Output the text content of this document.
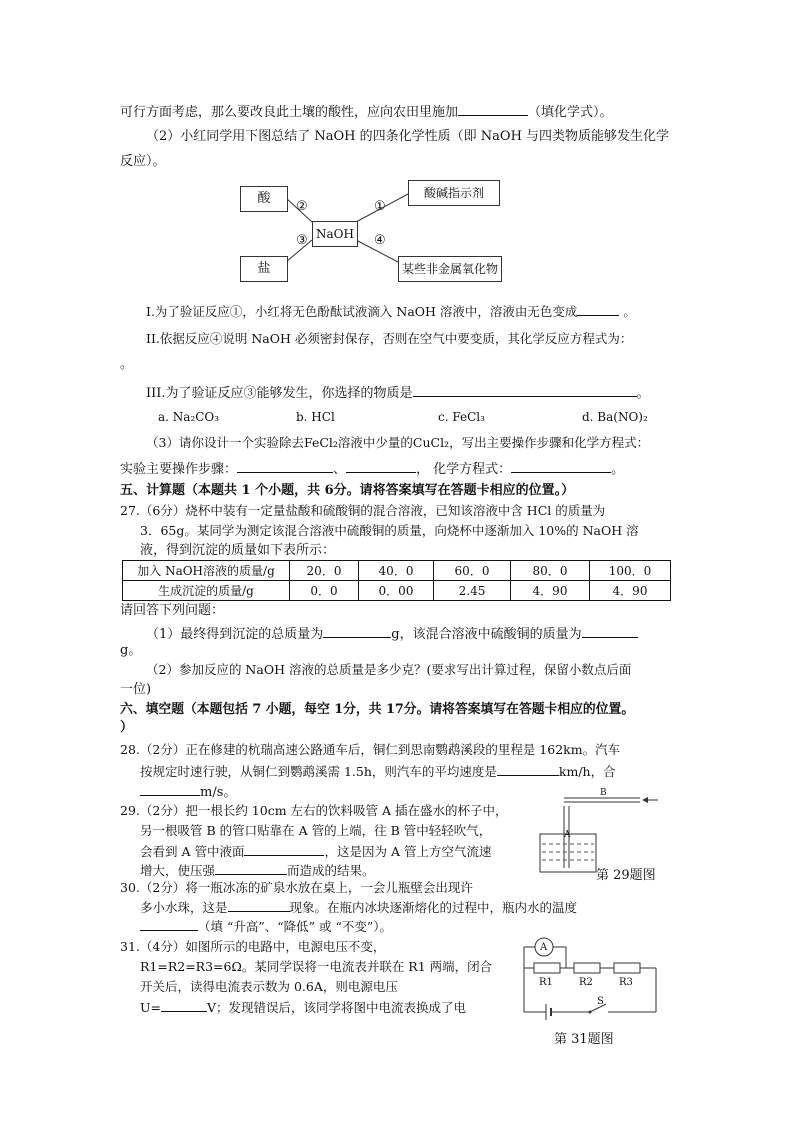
可行方面考虑，那么要改良此土壤的酸性，应向农田里施加	（填化学式）。
（2）小红同学用下图总结了 NaOH 的四条化学性质（即 NaOH 与四类物质能够发生化学
反应）。
酸
盐
NaOH
酸碱指示剂
某些非金属氧化物
②
③
①
④
I.为了验证反应①，小红将无色酚酞试液滴入 NaOH 溶液中，溶液由无色变成	。
II.依据反应④说明 NaOH 必须密封保存，否则在空气中要变质，其化学反应方程式为：
。
III.为了验证反应③能够发生，你选择的物质是	。
a. Na₂CO₃	b. HCl	c. FeCl₃	d. Ba(NO)₂
（3）请你设计一个实验除去FeCl₂溶液中少量的CuCl₂，写出主要操作步骤和化学方程式：
实验主要操作步骤：	、	， 化学方程式：	。
五、计算题（本题共 1 个小题，共 6分。请将答案填写在答题卡相应的位置。）
27.（6分）烧杯中装有一定量盐酸和硫酸铜的混合溶液，已知该溶液中含 HCl 的质量为
3．65g。某同学为测定该混合溶液中硫酸铜的质量，向烧杯中逐渐加入 10%的 NaOH 溶
液，得到沉淀的质量如下表所示：
加入 NaOH溶液的质量/g	20．0	40．0	60．0	80．0	100．0
生成沉淀的质量/g	0．0	0．00	2.45	4．90	4．90
请回答下列问题：
（1）最终得到沉淀的总质量为	g，该混合溶液中硫酸铜的质量为
g。
（2）参加反应的 NaOH 溶液的总质量是多少克？(要求写出计算过程，保留小数点后面
一位)
六、填空题（本题包括 7 小题，每空 1分，共 17分。请将答案填写在答题卡相应的位置。
）
28.（2分）正在修建的杭瑞高速公路通车后，铜仁到思南鹦鹉溪段的里程是 162km。汽车
按规定时速行驶，从铜仁到鹦鹉溪需 1.5h，则汽车的平均速度是	km/h，合
m/s。
29.（2分）把一根长约 10cm 左右的饮料吸管 A 插在盛水的杯子中，
另一根吸管 B 的管口贴靠在 A 管的上端，往 B 管中轻轻吹气，
会看到 A 管中液面	，这是因为 A 管上方空气流速
增大，使压强	而造成的结果。
B
A
第 29题图
30.（2分）将一瓶冰冻的矿泉水放在桌上，一会儿瓶壁会出现许
多小水珠，这是	现象。在瓶内冰块逐渐熔化的过程中，瓶内水的温度
（填 “升高”、“降低” 或 “不变”）。
31.（4分）如图所示的电路中，电源电压不变，
R1=R2=R3=6Ω。某同学误将一电流表并联在 R1 两端，闭合
开关后，读得电流表示数为 0.6A，则电源电压
U=	V；发现错误后，该同学将图中电流表换成了电
A
R1	R2	R3
S
第 31题图
